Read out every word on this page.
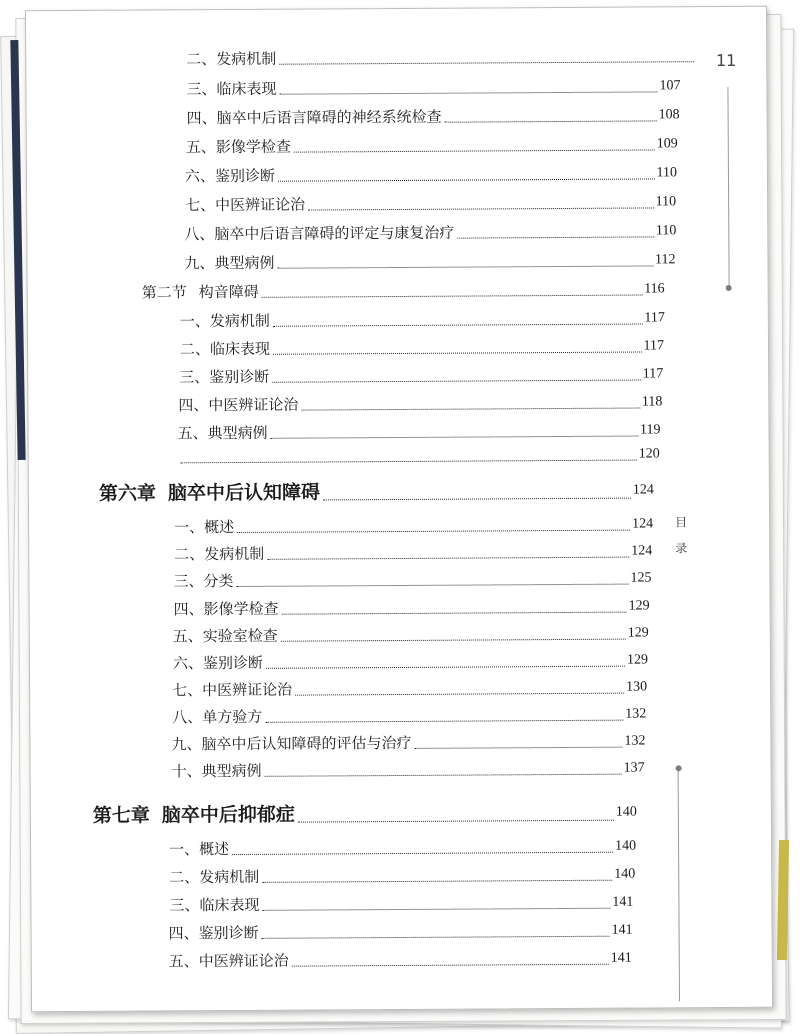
11
目
录
二、发病机制
三、临床表现	107
四、脑卒中后语言障碍的神经系统检查	108
五、影像学检查	109
六、鉴别诊断	110
七、中医辨证论治	110
八、脑卒中后语言障碍的评定与康复治疗	110
九、典型病例	112
第二节 构音障碍	116
一、发病机制	117
二、临床表现	117
三、鉴别诊断	117
四、中医辨证论治	118
五、典型病例	119
120
第六章 脑卒中后认知障碍	124
一、概述	124
二、发病机制	124
三、分类	125
四、影像学检查	129
五、实验室检查	129
六、鉴别诊断	129
七、中医辨证论治	130
八、单方验方	132
九、脑卒中后认知障碍的评估与治疗	132
十、典型病例	137
第七章 脑卒中后抑郁症	140
一、概述	140
二、发病机制	140
三、临床表现	141
四、鉴别诊断	141
五、中医辨证论治	141
